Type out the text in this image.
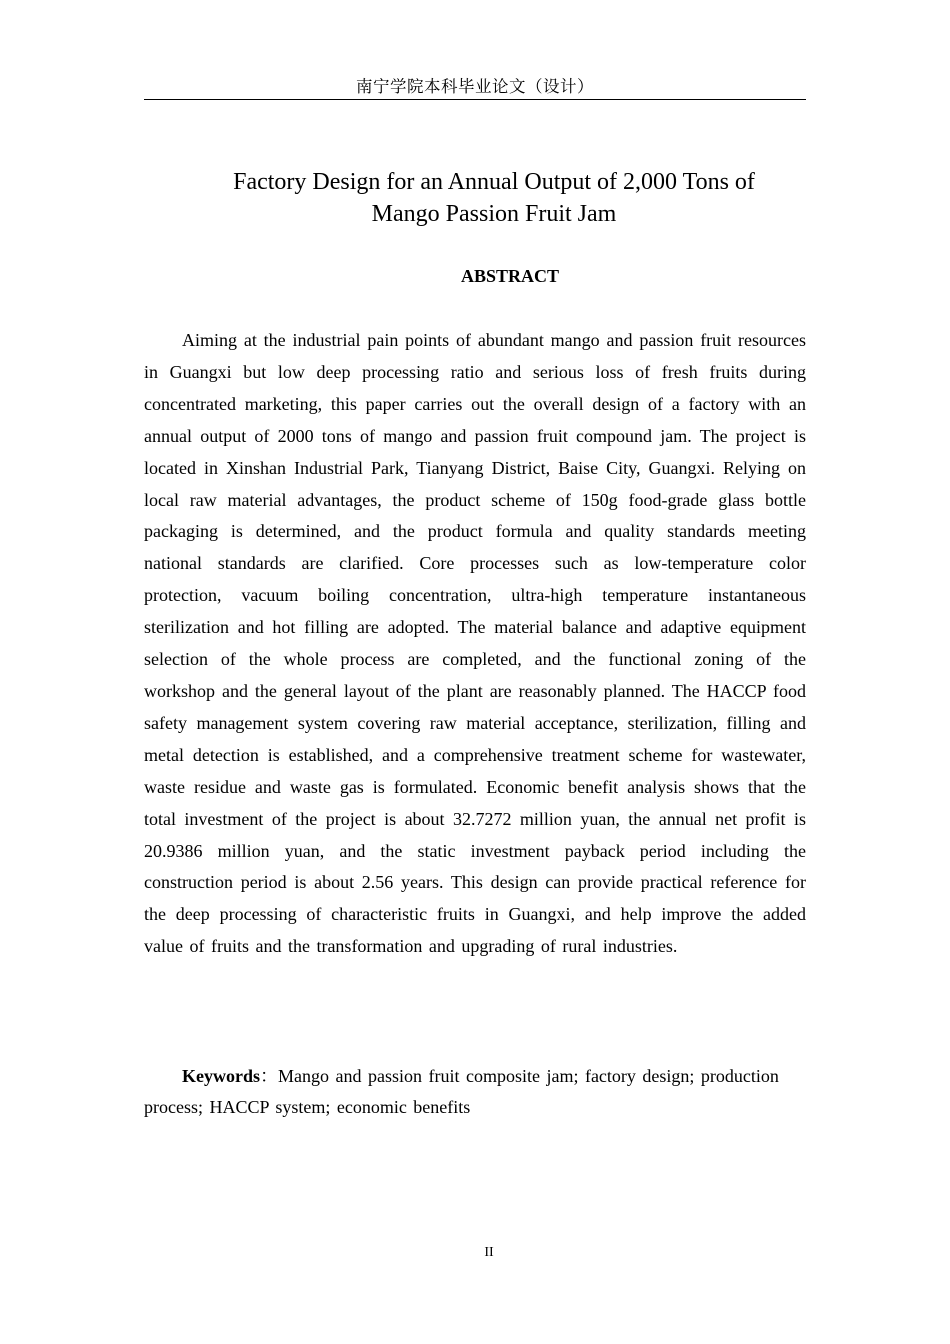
南宁学院本科毕业论文（设计）
Factory Design for an Annual Output of 2,000 Tons of
Mango Passion Fruit Jam
ABSTRACT

Aiming at the industrial pain points of abundant mango and passion fruit resources in Guangxi but low deep processing ratio and serious loss of fresh fruits during concentrated marketing, this paper carries out the overall design of a factory with an annual output of 2000 tons of mango and passion fruit compound jam. The project is located in Xinshan Industrial Park, Tianyang District, Baise City, Guangxi. Relying on local raw material advantages, the product scheme of 150g food-grade glass bottle packaging is determined, and the product formula and quality standards meeting national standards are clarified. Core processes such as low-temperature color protection, vacuum boiling concentration, ultra-high temperature instantaneous sterilization and hot filling are adopted. The material balance and adaptive equipment selection of the whole process are completed, and the functional zoning of the workshop and the general layout of the plant are reasonably planned. The HACCP food safety management system covering raw material acceptance, sterilization, filling and metal detection is established, and a comprehensive treatment scheme for wastewater, waste residue and waste gas is formulated. Economic benefit analysis shows that the total investment of the project is about 32.7272 million yuan, the annual net profit is 20.9386 million yuan, and the static investment payback period including the construction period is about 2.56 years. This design can provide practical reference for the deep processing of characteristic fruits in Guangxi, and help improve the added value of fruits and the transformation and upgrading of rural industries.

Keywords：Mango and passion fruit composite jam; factory design; production process; HACCP system; economic benefits

II
